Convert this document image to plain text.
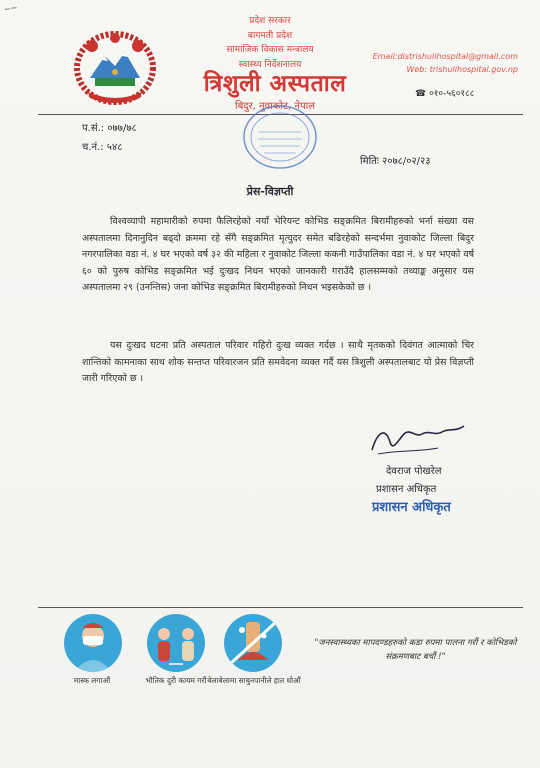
~~
प्रदेश सरकार
बागमती प्रदेश
सामाजिक विकास मन्त्रालय
स्वास्थ्य निर्देशनालय
त्रिशुली अस्पताल
बिदुर, नुवाकोट, नेपाल
Email:distrishulihospital@gmail.com
Web: trishulihospital.gov.np
☎ ०१०-५६०१८८
प.सं.: ०७७/७८
च.नं.: ५४८
मितिः २०७८/०२/२३
प्रेस-विज्ञप्ती
विश्वव्यापी महामारीको रुपमा फैलिरहेको नयाँ भेरियन्ट कोभिड सङ्क्रमित बिरामीहरुको भर्ना संख्या यस अस्पतालमा दिनानुदिन बढ्दो क्रममा रहे सँगै सङ्क्रमित मृत्युदर समेत बढिरहेको सन्दर्भमा नुवाकोट जिल्ला बिदुर नगरपालिका वडा नं. ४ घर भएको वर्ष ३२ की महिला र नुवाकोट जिल्ला ककनी गाउँपालिका वडा नं. ४ घर भएको वर्ष ६० को पुरुष कोभिड सङ्क्रमित भई दुःखद निधन भएको जानकारी गराउँदै हालसम्मको तथ्याङ्क अनुसार यस अस्पतालमा २९ (उनन्तिस) जना कोभिड सङ्क्रमित बिरामीहरुको निधन भइसकेको छ ।
यस दुःखद घटना प्रति अस्पताल परिवार गहिरो दुःख व्यक्त गर्दछ । साथै मृतकको दिवंगत आत्माको चिर शान्तिको कामनाका साथ शोक सन्तप्त परिवारजन प्रति समवेदना व्यक्त गर्दै यस त्रिशुली अस्पतालबाट यो प्रेस विज्ञप्ती जारी गरिएको छ ।
देवराज पोखरेल
प्रशासन अधिकृत
प्रशासन अधिकृत
मास्क लगाऔं	भौतिक दुरी कायम गरौं बेलाबेलामा साबुनपानीले हात धोऔं
"जनस्वास्थ्यका मापदण्डहरुको कडा रुपमा पालना गरौं र कोभिडको संक्रमणबाट बचौं !"
